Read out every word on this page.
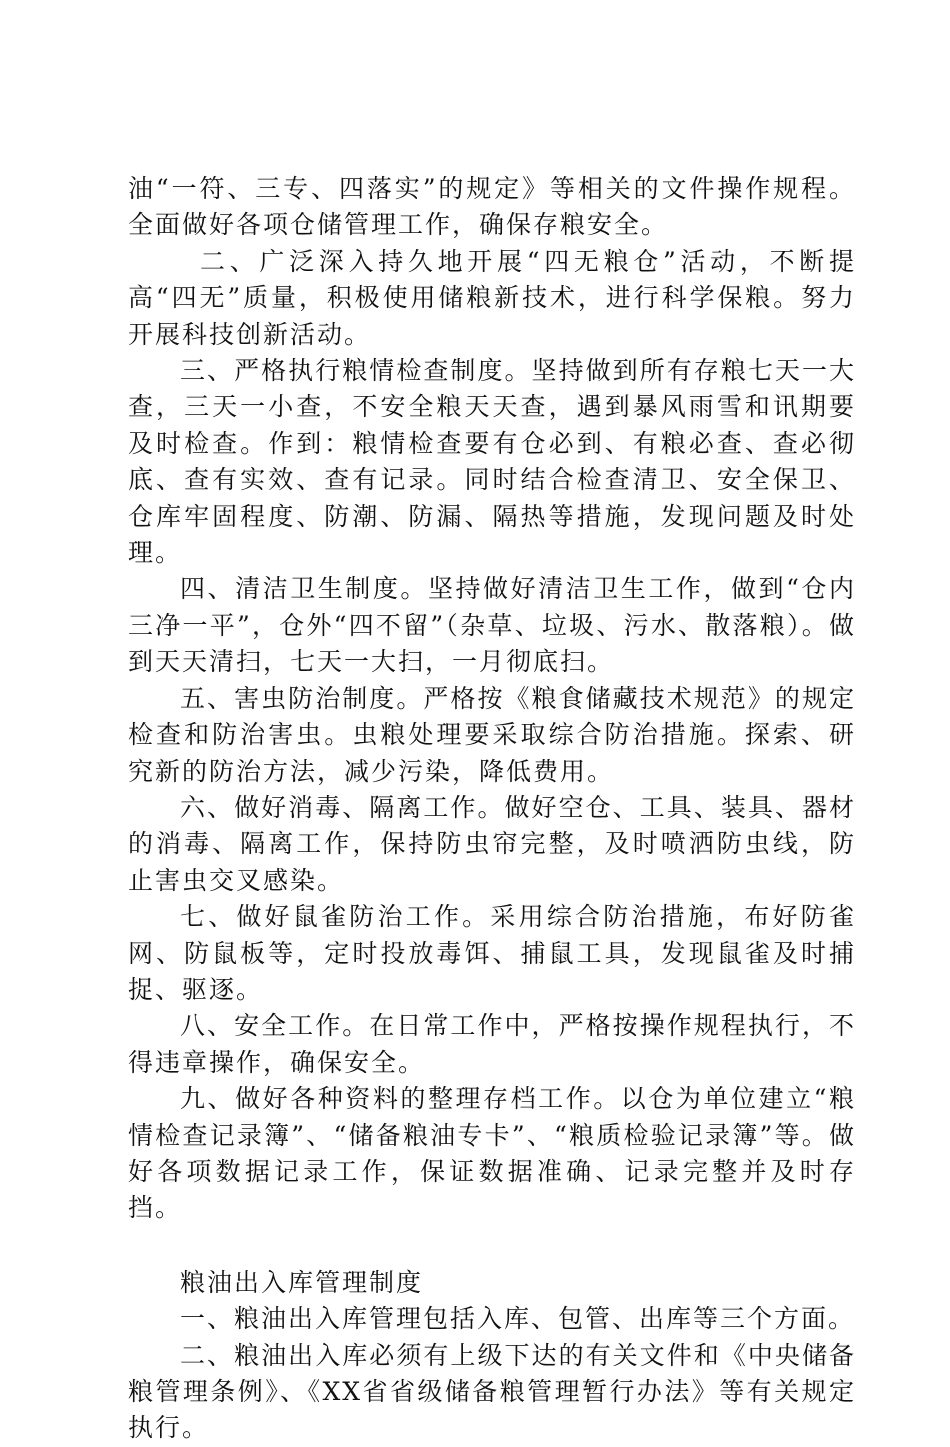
油“一符、三专、四落实”的规定》等相关的文件操作规程。全面做好各项仓储管理工作，确保存粮安全。

二、广泛深入持久地开展“四无粮仓”活动，不断提高“四无”质量，积极使用储粮新技术，进行科学保粮。努力开展科技创新活动。

三、严格执行粮情检查制度。坚持做到所有存粮七天一大查，三天一小查，不安全粮天天查，遇到暴风雨雪和讯期要及时检查。作到：粮情检查要有仓必到、有粮必查、查必彻底、查有实效、查有记录。同时结合检查清卫、安全保卫、仓库牢固程度、防潮、防漏、隔热等措施，发现问题及时处理。

四、清洁卫生制度。坚持做好清洁卫生工作，做到“仓内三净一平”，仓外“四不留”（杂草、垃圾、污水、散落粮）。做到天天清扫，七天一大扫，一月彻底扫。

五、害虫防治制度。严格按《粮食储藏技术规范》的规定检查和防治害虫。虫粮处理要采取综合防治措施。探索、研究新的防治方法，减少污染，降低费用。

六、做好消毒、隔离工作。做好空仓、工具、装具、器材的消毒、隔离工作，保持防虫帘完整，及时喷洒防虫线，防止害虫交叉感染。

七、做好鼠雀防治工作。采用综合防治措施，布好防雀网、防鼠板等，定时投放毒饵、捕鼠工具，发现鼠雀及时捕捉、驱逐。

八、安全工作。在日常工作中，严格按操作规程执行，不得违章操作，确保安全。

九、做好各种资料的整理存档工作。以仓为单位建立“粮情检查记录簿”、“储备粮油专卡”、“粮质检验记录簿”等。做好各项数据记录工作，保证数据准确、记录完整并及时存挡。

粮油出入库管理制度

一、粮油出入库管理包括入库、包管、出库等三个方面。

二、粮油出入库必须有上级下达的有关文件和《中央储备粮管理条例》、《XX省省级储备粮管理暂行办法》等有关规定执行。
